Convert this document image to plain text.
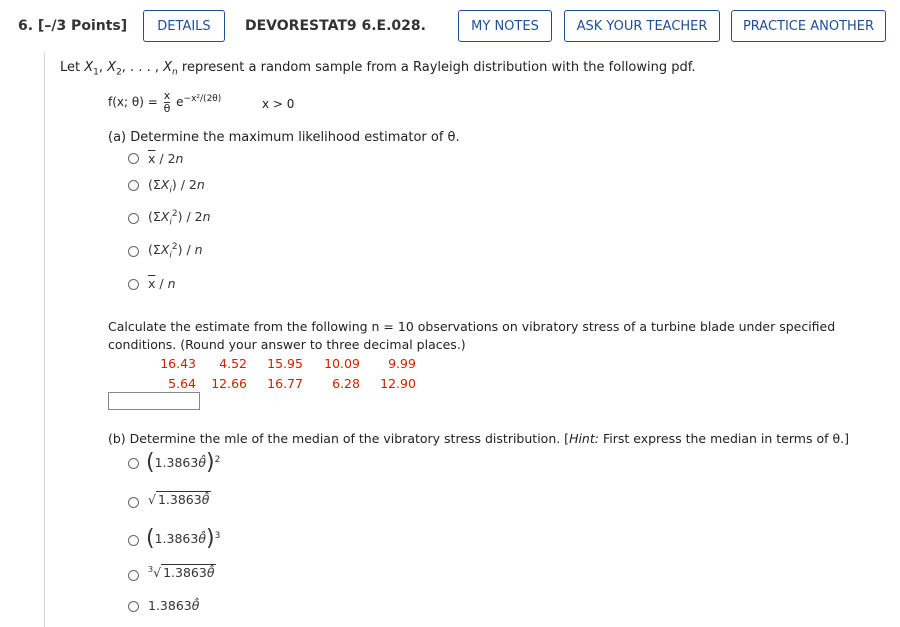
6. [–/3 Points]	DETAILS	DEVORESTAT9 6.E.028.	MY NOTES	ASK YOUR TEACHER	PRACTICE ANOTHER
Let $X_1$, $X_2$, . . . , $X_n$ represent a random sample from a Rayleigh distribution with the following pdf.
f(x; $\theta) = \frac{x}{\theta} e^{-x^2/(2\theta)}$	x > 0
(a) Determine the maximum likelihood estimator of θ.
$\overline{x} / 2n$
$(\Sigma X_i) / 2n$
$(\Sigma X_i^2) / 2n$
$(\Sigma X_i^2)$ / n
$\overline{x}$ / n
Calculate the estimate from the following n = 10 observations on vibratory stress of a turbine blade under specified
conditions. (Round your answer to three decimal places.)
16.43 4.52 15.95 10.09 9.99
5.64 12.66 16.77 6.28 12.90
(b) Determine the mle of the median of the vibratory stress distribution. [Hint: First express the median in terms of θ.]
(1.3863θ̂)$^2$
√ 1.3863θ̂
(1.3863θ̂)$^3$
$^3$√ 1.3863θ̂
1.3863θ̂
